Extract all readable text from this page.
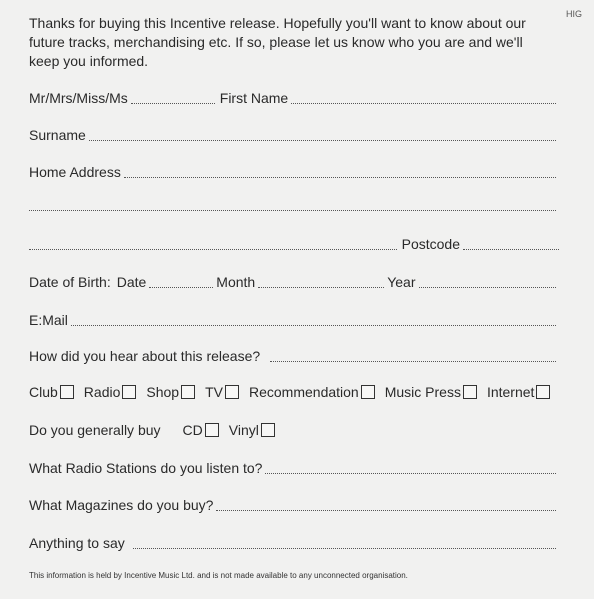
HIG

Thanks for buying this Incentive release. Hopefully you'll want to know about our future tracks, merchandising etc. If so, please let us know who you are and we'll keep you informed.

Mr/Mrs/Miss/Ms	First Name
Surname
Home Address
Postcode
Date of Birth: Date	Month	Year
E:Mail
How did you hear about this release?
Club	Radio	Shop	TV	Recommendation	Music Press	Internet
Do you generally buy CD	Vinyl
What Radio Stations do you listen to?
What Magazines do you buy?
Anything to say
This information is held by Incentive Music Ltd. and is not made available to any unconnected organisation.
